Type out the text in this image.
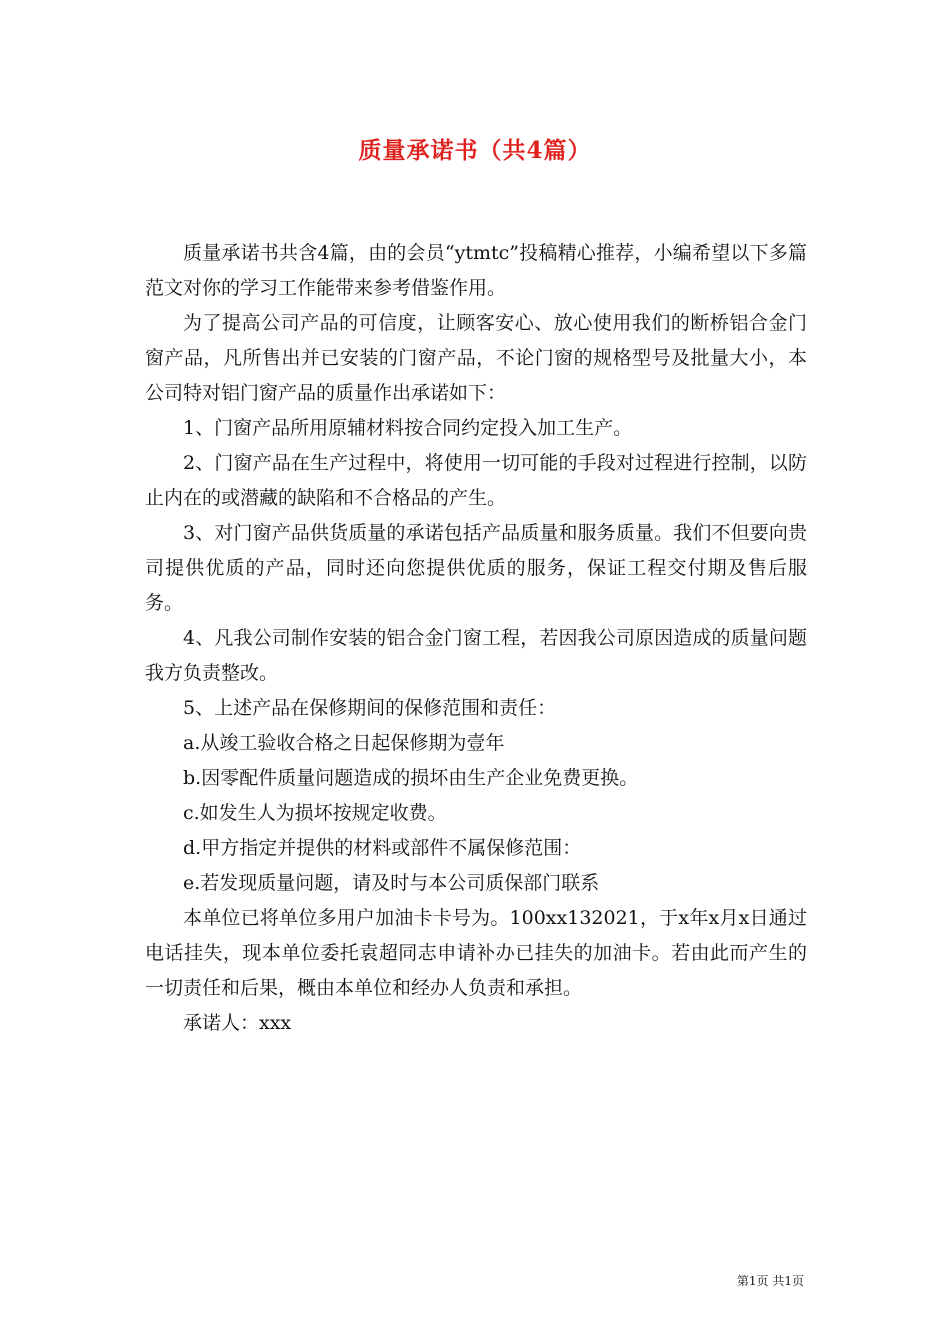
质量承诺书（共4篇）

质量承诺书共含4篇，由的会员“ytmtc”投稿精心推荐，小编希望以下多篇范文对你的学习工作能带来参考借鉴作用。

为了提高公司产品的可信度，让顾客安心、放心使用我们的断桥铝合金门窗产品，凡所售出并已安装的门窗产品，不论门窗的规格型号及批量大小，本公司特对铝门窗产品的质量作出承诺如下：

1、门窗产品所用原辅材料按合同约定投入加工生产。

2、门窗产品在生产过程中，将使用一切可能的手段对过程进行控制，以防止内在的或潜藏的缺陷和不合格品的产生。

3、对门窗产品供货质量的承诺包括产品质量和服务质量。我们不但要向贵司提供优质的产品，同时还向您提供优质的服务，保证工程交付期及售后服务。

4、凡我公司制作安装的铝合金门窗工程，若因我公司原因造成的质量问题我方负责整改。

5、上述产品在保修期间的保修范围和责任：

a.从竣工验收合格之日起保修期为壹年

b.因零配件质量问题造成的损坏由生产企业免费更换。

c.如发生人为损坏按规定收费。

d.甲方指定并提供的材料或部件不属保修范围：

e.若发现质量问题，请及时与本公司质保部门联系

本单位已将单位多用户加油卡卡号为。100xx132021，于x年x月x日通过电话挂失，现本单位委托袁超同志申请补办已挂失的加油卡。若由此而产生的一切责任和后果，概由本单位和经办人负责和承担。

承诺人：xxx

第1页 共1页
